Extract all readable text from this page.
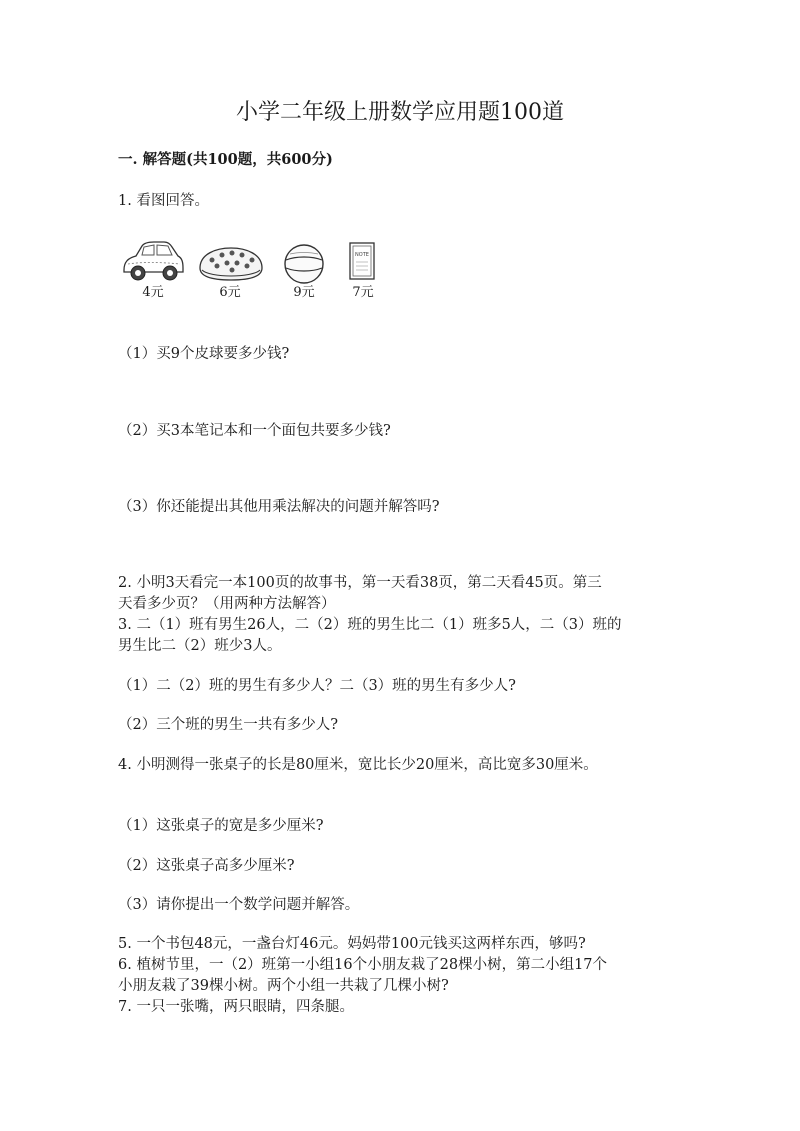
小学二年级上册数学应用题100道
一. 解答题(共100题，共600分)
1. 看图回答。
4元	6元	9元
NOTE
7元
（1）买9个皮球要多少钱?
（2）买3本笔记本和一个面包共要多少钱?
（3）你还能提出其他用乘法解决的问题并解答吗?
2. 小明3天看完一本100页的故事书，第一天看38页，第二天看45页。第三
天看多少页？（用两种方法解答）
3. 二（1）班有男生26人，二（2）班的男生比二（1）班多5人，二（3）班的
男生比二（2）班少3人。
（1）二（2）班的男生有多少人？二（3）班的男生有多少人?
（2）三个班的男生一共有多少人?
4. 小明测得一张桌子的长是80厘米，宽比长少20厘米，高比宽多30厘米。
（1）这张桌子的宽是多少厘米?
（2）这张桌子高多少厘米?
（3）请你提出一个数学问题并解答。
5. 一个书包48元，一盏台灯46元。妈妈带100元钱买这两样东西，够吗?
6. 植树节里，一（2）班第一小组16个小朋友栽了28棵小树，第二小组17个
小朋友栽了39棵小树。两个小组一共栽了几棵小树?
7. 一只一张嘴，两只眼睛，四条腿。
